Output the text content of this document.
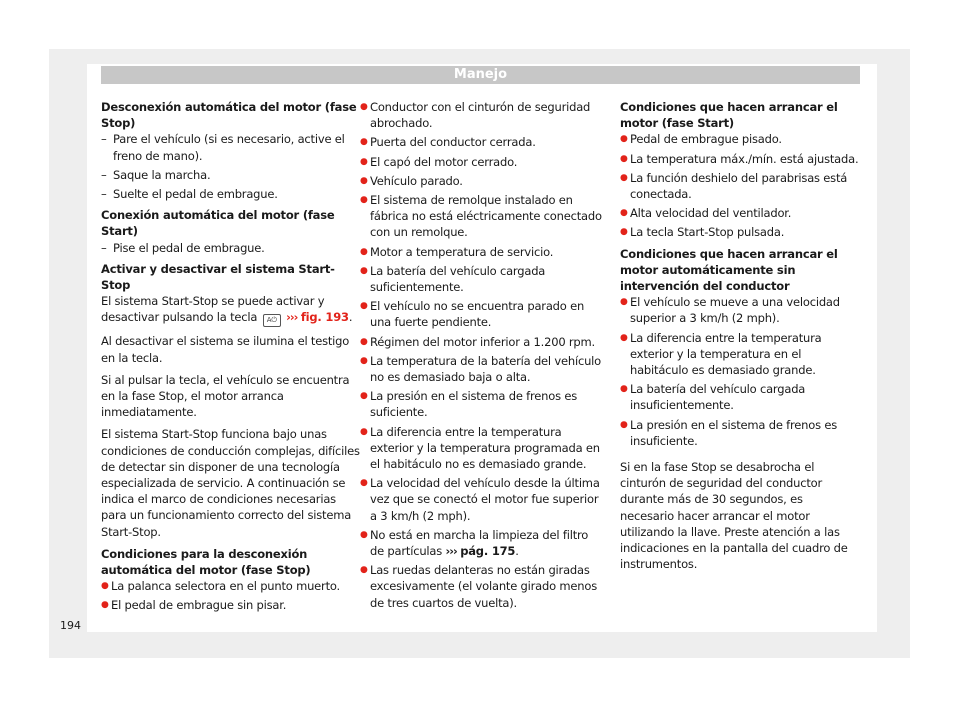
Manejo

Desconexión automática del motor (fase Stop)

– Pare el vehículo (si es necesario, active el freno de mano).
– Saque la marcha.
– Suelte el pedal de embrague.

Conexión automática del motor (fase Start)

– Pise el pedal de embrague.

Activar y desactivar el sistema Start-Stop

El sistema Start-Stop se puede activar y desactivar pulsando la tecla A⏻ ››› fig. 193.

Al desactivar el sistema se ilumina el testigo en la tecla.

Si al pulsar la tecla, el vehículo se encuentra en la fase Stop, el motor arranca inmediatamente.

El sistema Start-Stop funciona bajo unas condiciones de conducción complejas, difíciles de detectar sin disponer de una tecnología especializada de servicio. A continuación se indica el marco de condiciones necesarias para un funcionamiento correcto del sistema Start-Stop.

Condiciones para la desconexión automática del motor (fase Stop)

● La palanca selectora en el punto muerto.
● El pedal de embrague sin pisar.
● Conductor con el cinturón de seguridad abrochado.
● Puerta del conductor cerrada.
● El capó del motor cerrado.
● Vehículo parado.
● El sistema de remolque instalado en fábrica no está eléctricamente conectado con un remolque.
● Motor a temperatura de servicio.
● La batería del vehículo cargada suficientemente.
● El vehículo no se encuentra parado en una fuerte pendiente.
● Régimen del motor inferior a 1.200 rpm.
● La temperatura de la batería del vehículo no es demasiado baja o alta.
● La presión en el sistema de frenos es suficiente.
● La diferencia entre la temperatura exterior y la temperatura programada en el habitáculo no es demasiado grande.
● La velocidad del vehículo desde la última vez que se conectó el motor fue superior a 3 km/h (2 mph).
● No está en marcha la limpieza del filtro de partículas ››› pág. 175.
● Las ruedas delanteras no están giradas excesivamente (el volante girado menos de tres cuartos de vuelta).

Condiciones que hacen arrancar el motor (fase Start)

● Pedal de embrague pisado.
● La temperatura máx./mín. está ajustada.
● La función deshielo del parabrisas está conectada.
● Alta velocidad del ventilador.
● La tecla Start-Stop pulsada.

Condiciones que hacen arrancar el motor automáticamente sin intervención del conductor

● El vehículo se mueve a una velocidad superior a 3 km/h (2 mph).
● La diferencia entre la temperatura exterior y la temperatura en el habitáculo es demasiado grande.
● La batería del vehículo cargada insuficientemente.
● La presión en el sistema de frenos es insuficiente.

Si en la fase Stop se desabrocha el cinturón de seguridad del conductor durante más de 30 segundos, es necesario hacer arrancar el motor utilizando la llave. Preste atención a las indicaciones en la pantalla del cuadro de instrumentos.

194
